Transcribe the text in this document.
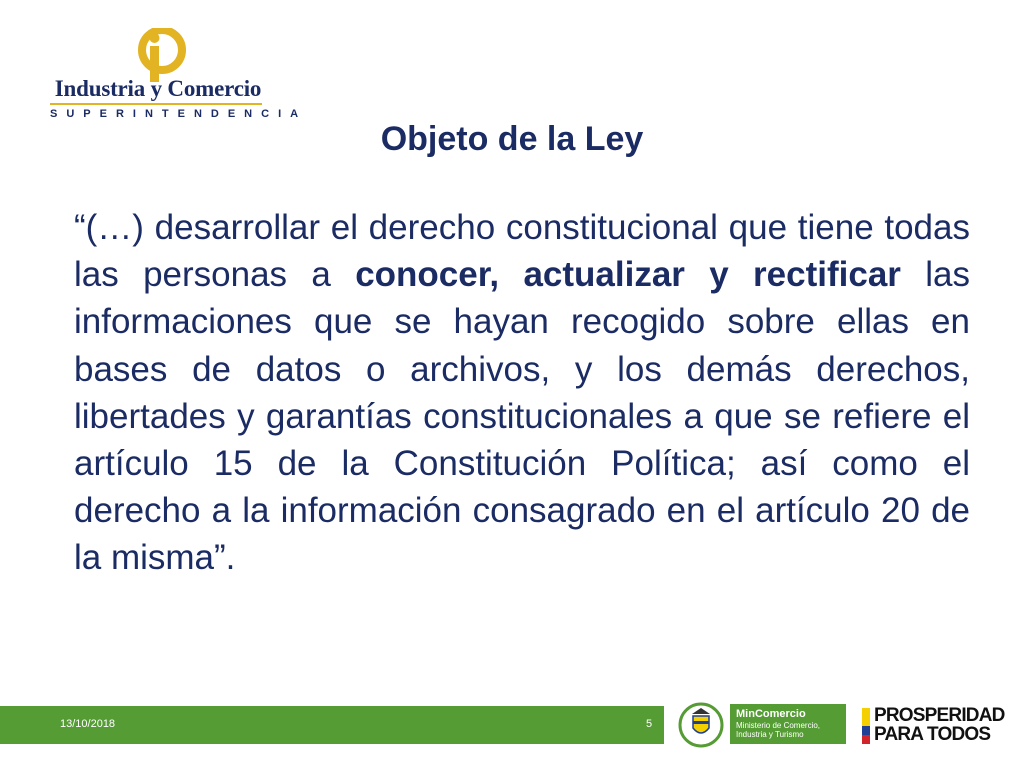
Industria y Comercio
SUPERINTENDENCIA
Objeto de la Ley

“(…) desarrollar el derecho constitucional que tiene todas las personas a conocer, actualizar y rectificar las informaciones que se hayan recogido sobre ellas en bases de datos o archivos, y los demás derechos, libertades y garantías constitucionales a que se refiere el artículo 15 de la Constitución Política; así como el derecho a la información consagrado en el artículo 20 de la misma”.

13/10/2018	5
MinComercio
Ministerio de Comercio, Industria y Turismo
PROSPERIDAD
PARA TODOS
